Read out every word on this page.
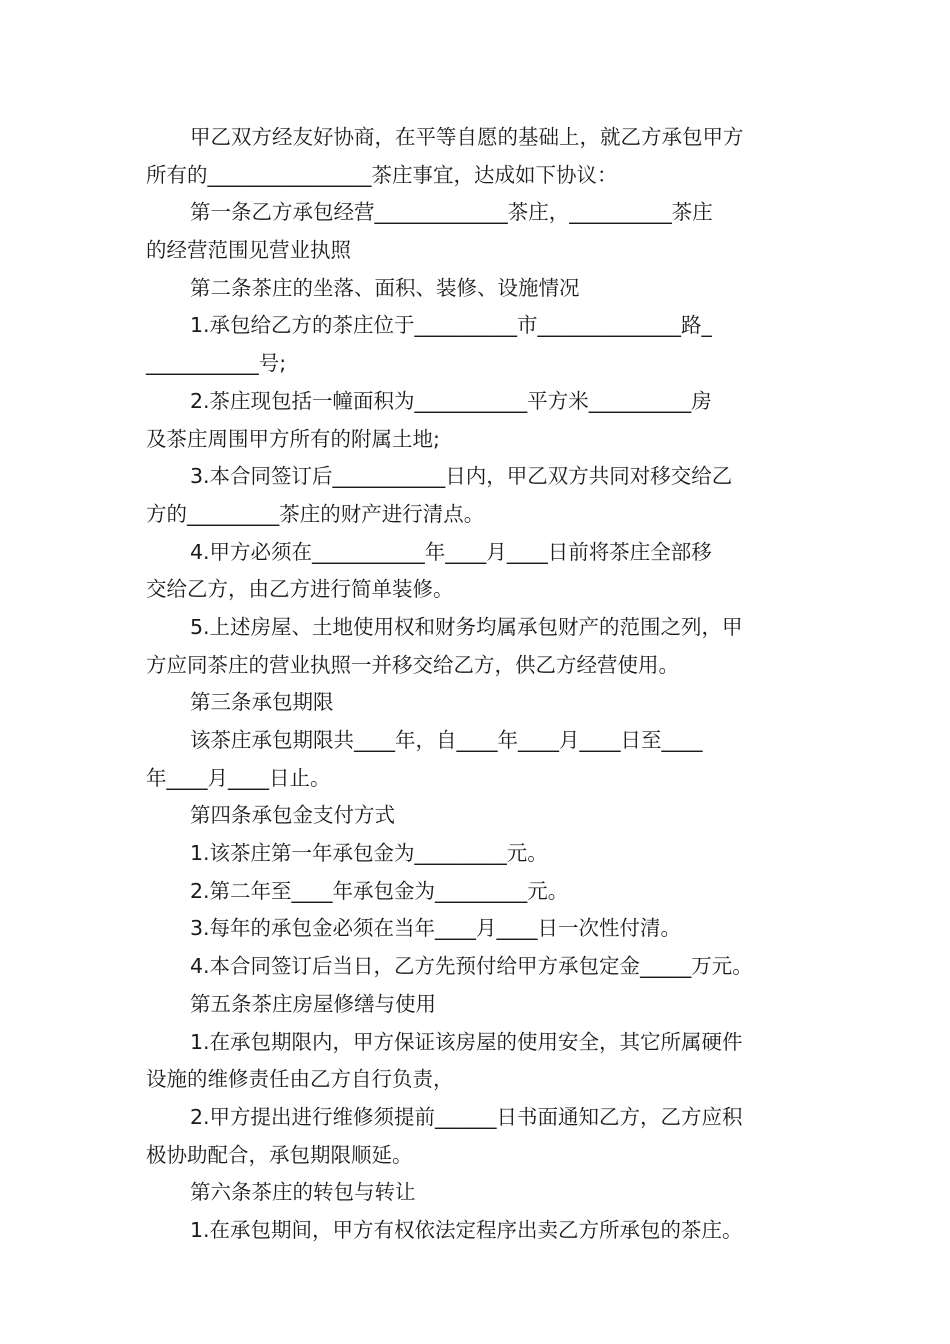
甲乙双方经友好协商，在平等自愿的基础上，就乙方承包甲方
所有的________________茶庄事宜，达成如下协议：
第一条乙方承包经营_____________茶庄，__________茶庄
的经营范围见营业执照
第二条茶庄的坐落、面积、装修、设施情况
1.承包给乙方的茶庄位于__________市______________路_
___________号;
2.茶庄现包括一幢面积为___________平方米__________房
及茶庄周围甲方所有的附属土地;
3.本合同签订后___________日内，甲乙双方共同对移交给乙
方的_________茶庄的财产进行清点。
4.甲方必须在___________年____月____日前将茶庄全部移
交给乙方，由乙方进行简单装修。
5.上述房屋、土地使用权和财务均属承包财产的范围之列，甲
方应同茶庄的营业执照一并移交给乙方，供乙方经营使用。
第三条承包期限
该茶庄承包期限共____年，自____年____月____日至____
年____月____日止。
第四条承包金支付方式
1.该茶庄第一年承包金为_________元。
2.第二年至____年承包金为_________元。
3.每年的承包金必须在当年____月____日一次性付清。
4.本合同签订后当日，乙方先预付给甲方承包定金_____万元。
第五条茶庄房屋修缮与使用
1.在承包期限内，甲方保证该房屋的使用安全，其它所属硬件
设施的维修责任由乙方自行负责，
2.甲方提出进行维修须提前______日书面通知乙方，乙方应积
极协助配合，承包期限顺延。
第六条茶庄的转包与转让
1.在承包期间，甲方有权依法定程序出卖乙方所承包的茶庄。
